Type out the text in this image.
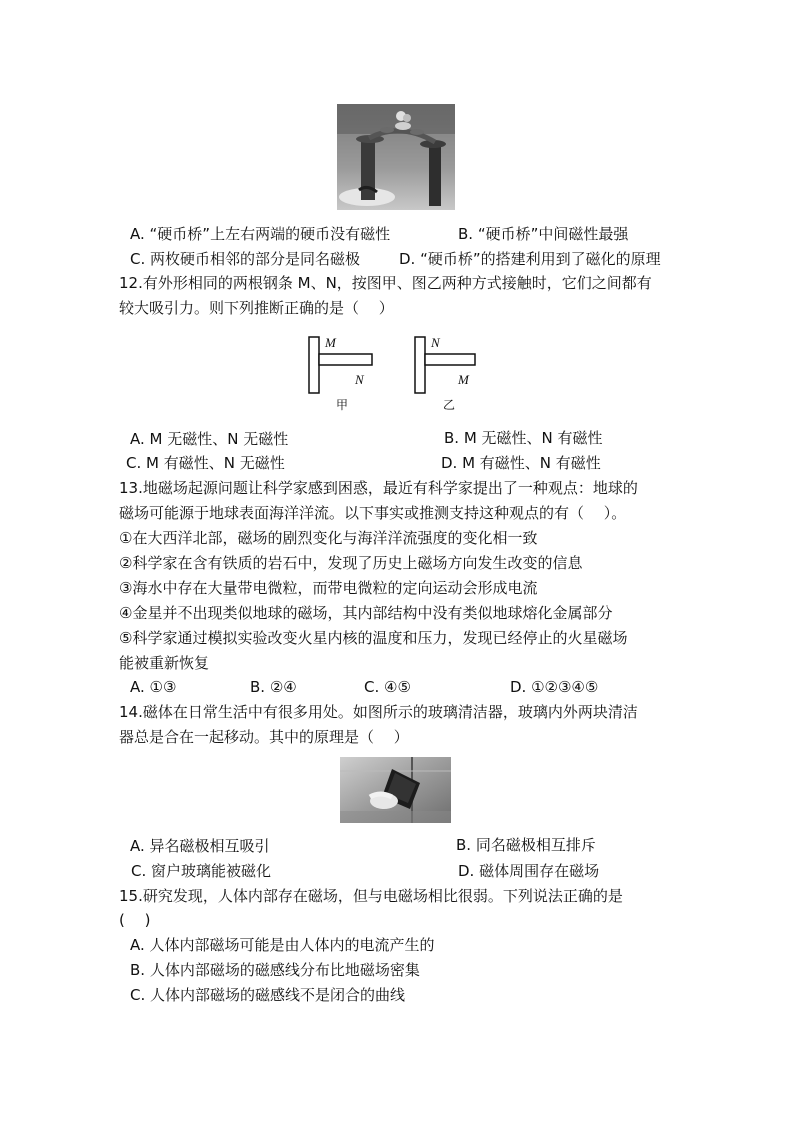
A. “硬币桥”上左右两端的硬币没有磁性	B. “硬币桥”中间磁性最强
C. 两枚硬币相邻的部分是同名磁极	D. “硬币桥”的搭建利用到了磁化的原理
12.有外形相同的两根钢条 M、N，按图甲、图乙两种方式接触时，它们之间都有
较大吸引力。则下列推断正确的是（　 ）
M
N
甲
N
M
乙
A. M 无磁性、N 无磁性	B. M 无磁性、N 有磁性
C. M 有磁性、N 无磁性	D. M 有磁性、N 有磁性
13.地磁场起源问题让科学家感到困惑，最近有科学家提出了一种观点：地球的
磁场可能源于地球表面海洋洋流。以下事实或推测支持这种观点的有（　 ）。
①在大西洋北部，磁场的剧烈变化与海洋洋流强度的变化相一致
②科学家在含有铁质的岩石中，发现了历史上磁场方向发生改变的信息
③海水中存在大量带电微粒，而带电微粒的定向运动会形成电流
④金星并不出现类似地球的磁场，其内部结构中没有类似地球熔化金属部分
⑤科学家通过模拟实验改变火星内核的温度和压力，发现已经停止的火星磁场
能被重新恢复
A. ①③	B. ②④	C. ④⑤	D. ①②③④⑤
14.磁体在日常生活中有很多用处。如图所示的玻璃清洁器，玻璃内外两块清洁
器总是合在一起移动。其中的原理是（　 ）
A. 异名磁极相互吸引	B. 同名磁极相互排斥
C. 窗户玻璃能被磁化	D. 磁体周围存在磁场
15.研究发现，人体内部存在磁场，但与电磁场相比很弱。下列说法正确的是
(　 )
A. 人体内部磁场可能是由人体内的电流产生的
B. 人体内部磁场的磁感线分布比地磁场密集
C. 人体内部磁场的磁感线不是闭合的曲线
